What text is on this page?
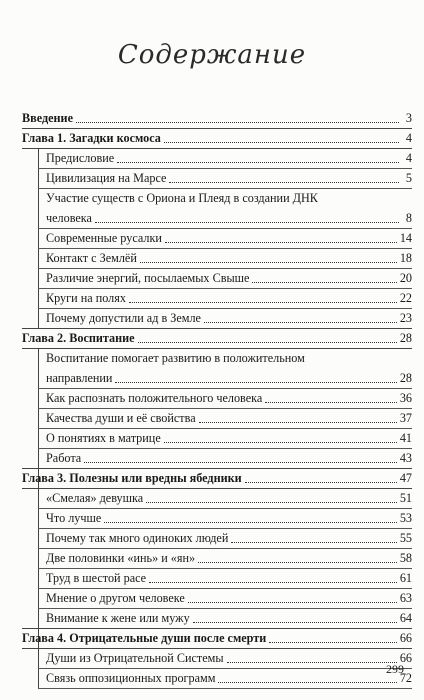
Содержание
Введение	3
Глава 1. Загадки космоса	4
Предисловие	4
Цивилизация на Марсе	5
Участие существ с Ориона и Плеяд в создании ДНК
человека	8
Современные русалки	14
Контакт с Землёй	18
Различие энергий, посылаемых Свыше	20
Круги на полях	22
Почему допустили ад в Земле	23
Глава 2. Воспитание	28
Воспитание помогает развитию в положительном
направлении	28
Как распознать положительного человека	36
Качества души и её свойства	37
О понятиях в матрице	41
Работа	43
Глава 3. Полезны или вредны ябедники	47
«Смелая» девушка	51
Что лучше	53
Почему так много одиноких людей	55
Две половинки «инь» и «ян»	58
Труд в шестой расе	61
Мнение о другом человеке	63
Внимание к жене или мужу	64
Глава 4. Отрицательные души после смерти	66
Души из Отрицательной Системы	66
Связь оппозиционных программ	72
299
